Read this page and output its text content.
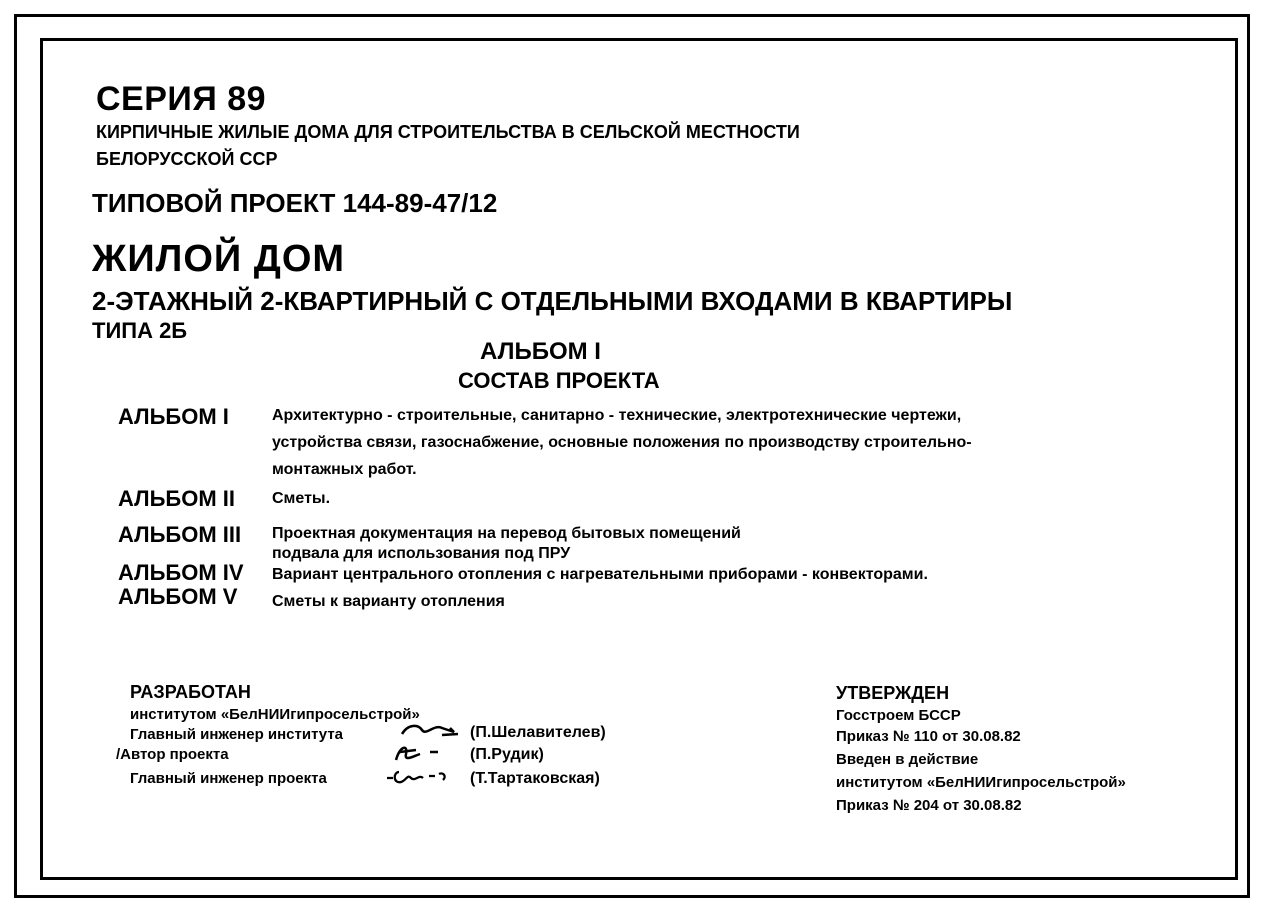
СЕРИЯ 89
КИРПИЧНЫЕ ЖИЛЫЕ ДОМА ДЛЯ СТРОИТЕЛЬСТВА В СЕЛЬСКОЙ МЕСТНОСТИ
БЕЛОРУССКОЙ ССР
ТИПОВОЙ ПРОЕКТ 144-89-47/12
ЖИЛОЙ ДОМ
2-ЭТАЖНЫЙ 2-КВАРТИРНЫЙ С ОТДЕЛЬНЫМИ ВХОДАМИ В КВАРТИРЫ
ТИПА 2Б
АЛЬБОМ I
СОСТАВ ПРОЕКТА
АЛЬБОМ I	Архитектурно - строительные, санитарно - технические, электротехнические чертежи,
устройства связи, газоснабжение, основные положения по производству строительно-
монтажных работ.
АЛЬБОМ II Сметы.
АЛЬБОМ III Проектная документация на перевод бытовых помещений
подвала для использования под ПРУ
АЛЬБОМ IV Вариант центрального отопления с нагревательными приборами - конвекторами.
АЛЬБОМ V Сметы к варианту отопления
РАЗРАБОТАН
институтом «БелНИИгипросельстрой»
Главный инженер института	(П.Шелавителев)
/Автор проекта	(П.Рудик)
Главный инженер проекта	(Т.Тартаковская)
УТВЕРЖДЕН
Госстроем БССР
Приказ № 110 от 30.08.82
Введен в действие
институтом «БелНИИгипросельстрой»
Приказ № 204 от 30.08.82
